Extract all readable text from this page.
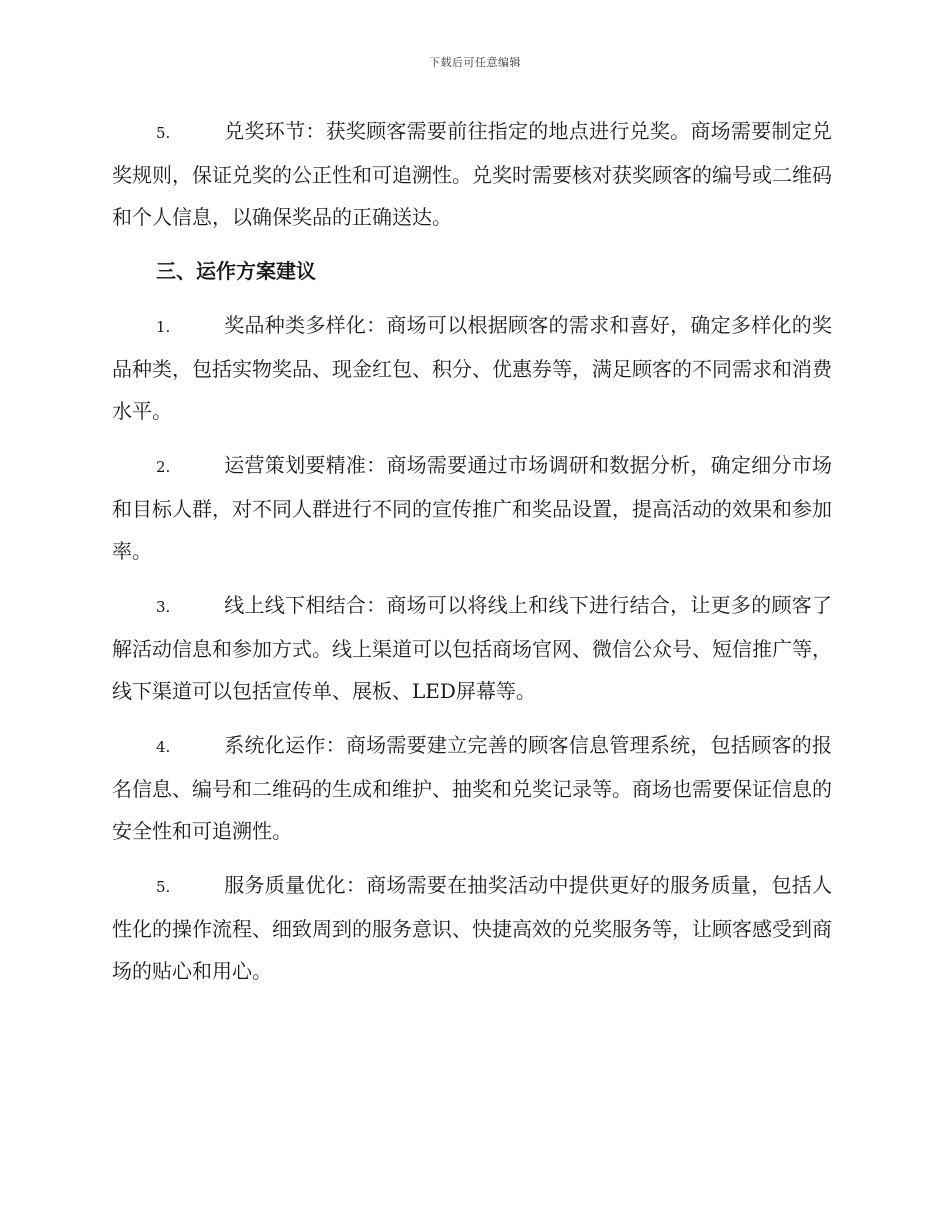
下载后可任意编辑

5.	兑奖环节：获奖顾客需要前往指定的地点进行兑奖。商场需要制定兑奖规则，保证兑奖的公正性和可追溯性。兑奖时需要核对获奖顾客的编号或二维码和个人信息，以确保奖品的正确送达。

三、运作方案建议

1.	奖品种类多样化：商场可以根据顾客的需求和喜好，确定多样化的奖品种类，包括实物奖品、现金红包、积分、优惠券等，满足顾客的不同需求和消费水平。

2.	运营策划要精准：商场需要通过市场调研和数据分析，确定细分市场和目标人群，对不同人群进行不同的宣传推广和奖品设置，提高活动的效果和参加率。

3.	线上线下相结合：商场可以将线上和线下进行结合，让更多的顾客了解活动信息和参加方式。线上渠道可以包括商场官网、微信公众号、短信推广等，线下渠道可以包括宣传单、展板、LED屏幕等。

4.	系统化运作：商场需要建立完善的顾客信息管理系统，包括顾客的报名信息、编号和二维码的生成和维护、抽奖和兑奖记录等。商场也需要保证信息的安全性和可追溯性。

5.	服务质量优化：商场需要在抽奖活动中提供更好的服务质量，包括人性化的操作流程、细致周到的服务意识、快捷高效的兑奖服务等，让顾客感受到商场的贴心和用心。
